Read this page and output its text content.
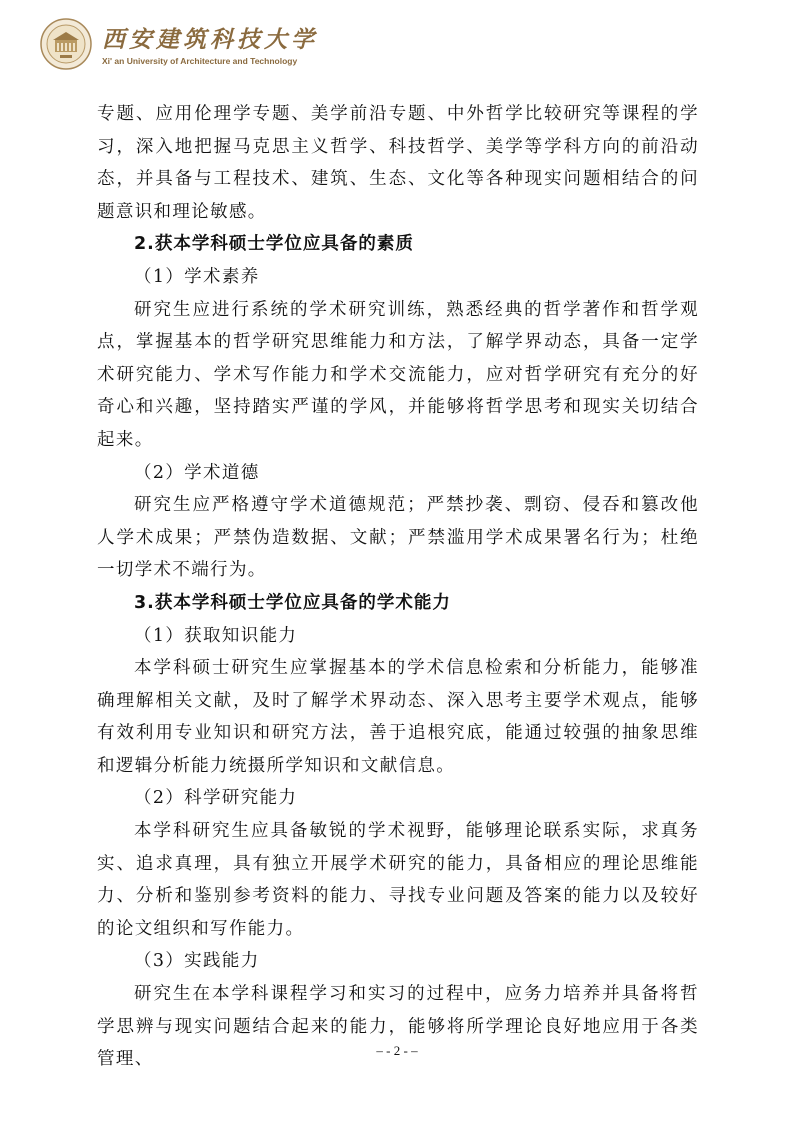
西安建筑科技大学
Xi' an University of Architecture and Technology

专题、应用伦理学专题、美学前沿专题、中外哲学比较研究等课程的学习，深入地把握马克思主义哲学、科技哲学、美学等学科方向的前沿动态，并具备与工程技术、建筑、生态、文化等各种现实问题相结合的问题意识和理论敏感。

2.获本学科硕士学位应具备的素质

（1）学术素养

研究生应进行系统的学术研究训练，熟悉经典的哲学著作和哲学观点，掌握基本的哲学研究思维能力和方法，了解学界动态，具备一定学术研究能力、学术写作能力和学术交流能力，应对哲学研究有充分的好奇心和兴趣，坚持踏实严谨的学风，并能够将哲学思考和现实关切结合起来。

（2）学术道德

研究生应严格遵守学术道德规范；严禁抄袭、剽窃、侵吞和篡改他人学术成果；严禁伪造数据、文献；严禁滥用学术成果署名行为；杜绝一切学术不端行为。

3.获本学科硕士学位应具备的学术能力

（1）获取知识能力

本学科硕士研究生应掌握基本的学术信息检索和分析能力，能够准确理解相关文献，及时了解学术界动态、深入思考主要学术观点，能够有效利用专业知识和研究方法，善于追根究底，能通过较强的抽象思维和逻辑分析能力统摄所学知识和文献信息。

（2）科学研究能力

本学科研究生应具备敏锐的学术视野，能够理论联系实际，求真务实、追求真理，具有独立开展学术研究的能力，具备相应的理论思维能力、分析和鉴别参考资料的能力、寻找专业问题及答案的能力以及较好的论文组织和写作能力。

（3）实践能力

研究生在本学科课程学习和实习的过程中，应务力培养并具备将哲学思辨与现实问题结合起来的能力，能够将所学理论良好地应用于各类管理、	– - 2 - –
